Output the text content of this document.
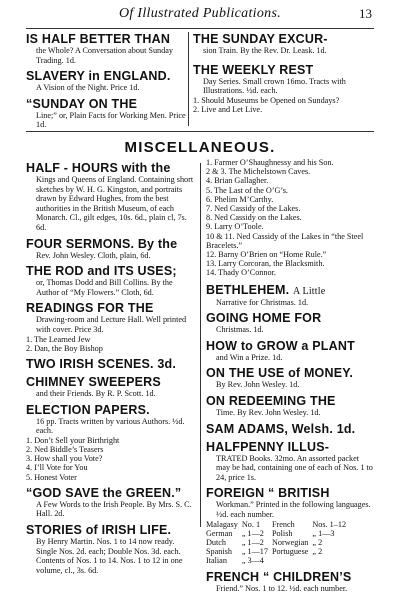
Of Illustrated Publications.	13
IS HALF BETTER THAN

the Whole? A Conversation about Sunday Trading. 1d.

SLAVERY in ENGLAND.

A Vision of the Night. Price 1d.

“SUNDAY ON THE

Line;” or, Plain Facts for Working Men. Price 1d.

THE SUNDAY EXCUR-

sion Train. By the Rev. Dr. Leask. 1d.

THE WEEKLY REST

Day Series. Small crown 16mo. Tracts with Illustrations. ½d. each.

1. Should Museums be Opened on Sundays?
2. Live and Let Live.
MISCELLANEOUS.
HALF - HOURS with the

Kings and Queens of England. Containing short sketches by W. H. G. Kingston, and portraits drawn by Edward Hughes, from the best authorities in the British Museum, of each Monarch. Cl., gilt edges, 10s. 6d., plain cl, 7s. 6d.

FOUR SERMONS. By the

Rev. John Wesley. Cloth, plain, 6d.

THE ROD and ITS USES;

or, Thomas Dodd and Bill Collins. By the Author of “My Flowers.” Cloth, 6d.

READINGS FOR THE

Drawing-room and Lecture Hall. Well printed with cover. Price 3d.

1. The Learned Jew
2. Dan, the Boy Bishop
TWO IRISH SCENES. 3d.
CHIMNEY SWEEPERS

and their Friends. By R. P. Scott. 1d.

ELECTION PAPERS.

16 pp. Tracts written by various Authors. ½d. each.

1. Don’t Sell your Birthright
2. Ned Biddle’s Teasers
3. How shall you Vote?
4. I’ll Vote for You
5. Honest Voter
“GOD SAVE the GREEN.”

A Few Words to the Irish People. By Mrs. S. C. Hall. 2d.

STORIES of IRISH LIFE.

By Henry Martin. Nos. 1 to 14 now ready. Single Nos. 2d. each; Double Nos. 3d. each. Contents of Nos. 1 to 14. Nos. 1 to 12 in one volume, cl., 3s. 6d.

1. Farmer O’Shaughnessy and his Son.
2 & 3. The Michelstown Caves.
4. Brian Gallagher.
5. The Last of the O’G’s.
6. Phelim M’Carthy.
7. Ned Cassidy of the Lakes.
8. Ned Cassidy on the Lakes.
9. Larry O’Toole.
10 & 11. Ned Cassidy of the Lakes in “the Steel Bracelets.”
12. Barny O’Brien on “Home Rule.”
13. Larry Corcoran, the Blacksmith.
14. Thady O’Connor.
BETHLEHEM. A Little

Narrative for Christmas. 1d.

GOING HOME FOR

Christmas. 1d.

HOW to GROW a PLANT

and Win a Prize. 1d.

ON THE USE of MONEY.

By Rev. John Wesley. 1d.

ON REDEEMING THE

Time. By Rev. John Wesley. 1d.

SAM ADAMS, Welsh. 1d.
HALFPENNY ILLUS-

TRATED Books. 32mo. An assorted packet may be had, containing one of each of Nos. 1 to 24, price 1s.

FOREIGN “ BRITISH

Workman.” Printed in the following languages. ½d. each number.

Malagasy	No. 1	French	Nos. 1–12
German	„ 1—2	Polish	„ 1—3
Dutch	„ 1—2	Norwegian	„ 2
Spanish	„ 1—17	Portuguese	„ 2
Italian	„ 3—4		
FRENCH “ CHILDREN’S

Friend.” Nos. 1 to 12. ½d. each number.
